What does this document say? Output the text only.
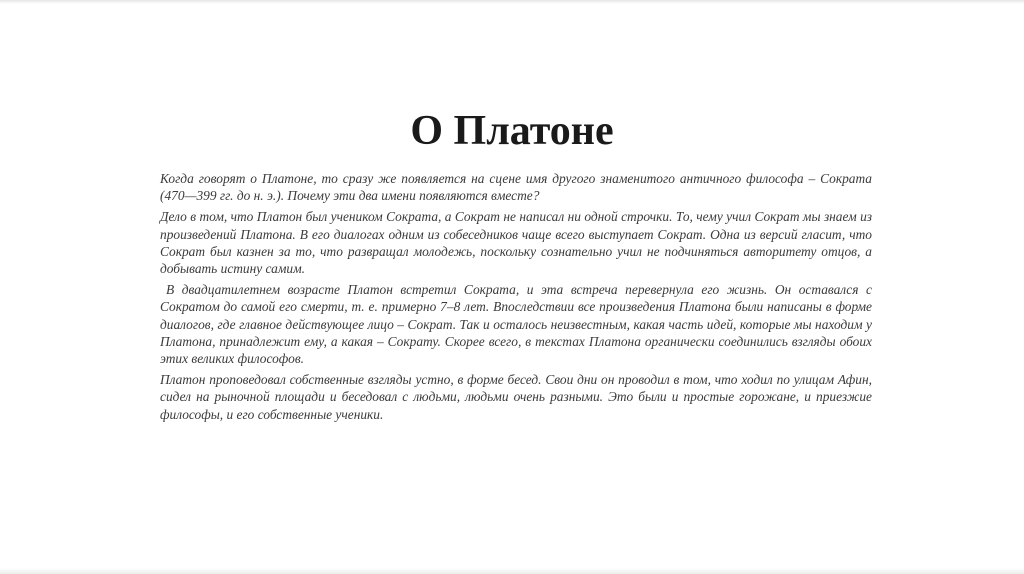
О Платоне

Когда говорят о Платоне, то сразу же появляется на сцене имя другого знаменитого античного философа – Сократа (470—399 гг. до н. э.). Почему эти два имени появляются вместе?

Дело в том, что Платон был учеником Сократа, а Сократ не написал ни одной строчки. То, чему учил Сократ мы знаем из произведений Платона. В его диалогах одним из собеседников чаще всего выступает Сократ. Одна из версий гласит, что Сократ был казнен за то, что развращал молодежь, поскольку сознательно учил не подчиняться авторитету отцов, а добывать истину самим.

В двадцатилетнем возрасте Платон встретил Сократа, и эта встреча перевернула его жизнь. Он оставался с Сократом до самой его смерти, т. е. примерно 7–8 лет. Впоследствии все произведения Платона были написаны в форме диалогов, где главное действующее лицо – Сократ. Так и осталось неизвестным, какая часть идей, которые мы находим у Платона, принадлежит ему, а какая – Сократу. Скорее всего, в текстах Платона органически соединились взгляды обоих этих великих философов.

Платон проповедовал собственные взгляды устно, в форме бесед. Свои дни он проводил в том, что ходил по улицам Афин, сидел на рыночной площади и беседовал с людьми, людьми очень разными. Это были и простые горожане, и приезжие философы, и его собственные ученики.
